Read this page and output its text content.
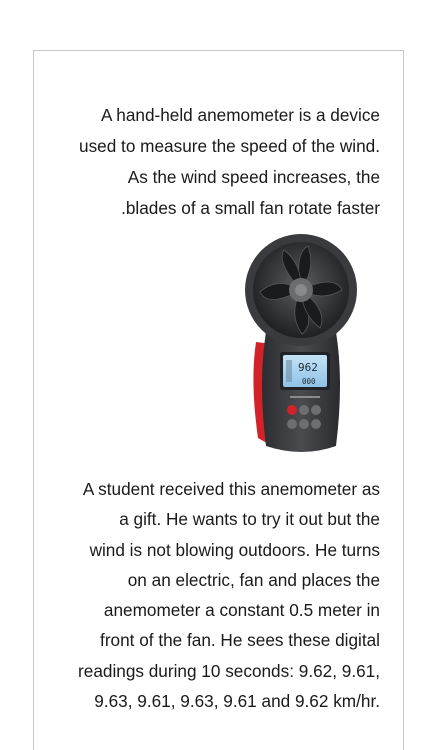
A hand-held anemometer is a device
used to measure the speed of the wind.
As the wind speed increases, the
.blades of a small fan rotate faster

962
000

A student received this anemometer as
a gift. He wants to try it out but the
wind is not blowing outdoors. He turns
on an electric, fan and places the
anemometer a constant 0.5 meter in
front of the fan. He sees these digital
readings during 10 seconds: 9.62, 9.61,
9.63, 9.61, 9.63, 9.61 and 9.62 km/hr.
